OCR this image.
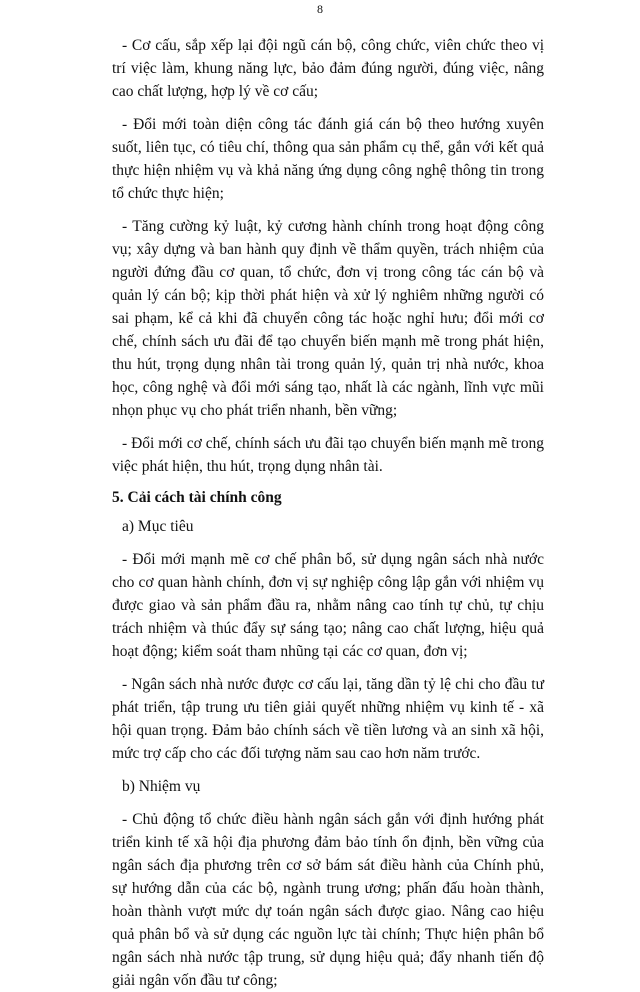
8

- Cơ cấu, sắp xếp lại đội ngũ cán bộ, công chức, viên chức theo vị trí việc làm, khung năng lực, bảo đảm đúng người, đúng việc, nâng cao chất lượng, hợp lý về cơ cấu;

- Đổi mới toàn diện công tác đánh giá cán bộ theo hướng xuyên suốt, liên tục, có tiêu chí, thông qua sản phẩm cụ thể, gắn với kết quả thực hiện nhiệm vụ và khả năng ứng dụng công nghệ thông tin trong tổ chức thực hiện;

- Tăng cường kỷ luật, kỷ cương hành chính trong hoạt động công vụ; xây dựng và ban hành quy định về thẩm quyền, trách nhiệm của người đứng đầu cơ quan, tổ chức, đơn vị trong công tác cán bộ và quản lý cán bộ; kịp thời phát hiện và xử lý nghiêm những người có sai phạm, kể cả khi đã chuyển công tác hoặc nghỉ hưu; đổi mới cơ chế, chính sách ưu đãi để tạo chuyển biến mạnh mẽ trong phát hiện, thu hút, trọng dụng nhân tài trong quản lý, quản trị nhà nước, khoa học, công nghệ và đổi mới sáng tạo, nhất là các ngành, lĩnh vực mũi nhọn phục vụ cho phát triển nhanh, bền vững;

- Đổi mới cơ chế, chính sách ưu đãi tạo chuyển biến mạnh mẽ trong việc phát hiện, thu hút, trọng dụng nhân tài.

5. Cải cách tài chính công

a) Mục tiêu

- Đổi mới mạnh mẽ cơ chế phân bổ, sử dụng ngân sách nhà nước cho cơ quan hành chính, đơn vị sự nghiệp công lập gắn với nhiệm vụ được giao và sản phẩm đầu ra, nhằm nâng cao tính tự chủ, tự chịu trách nhiệm và thúc đẩy sự sáng tạo; nâng cao chất lượng, hiệu quả hoạt động; kiểm soát tham nhũng tại các cơ quan, đơn vị;

- Ngân sách nhà nước được cơ cấu lại, tăng dần tỷ lệ chi cho đầu tư phát triển, tập trung ưu tiên giải quyết những nhiệm vụ kinh tế - xã hội quan trọng. Đảm bảo chính sách về tiền lương và an sinh xã hội, mức trợ cấp cho các đối tượng năm sau cao hơn năm trước.

b) Nhiệm vụ

- Chủ động tổ chức điều hành ngân sách gắn với định hướng phát triển kinh tế xã hội địa phương đảm bảo tính ổn định, bền vững của ngân sách địa phương trên cơ sở bám sát điều hành của Chính phủ, sự hướng dẫn của các bộ, ngành trung ương; phấn đấu hoàn thành, hoàn thành vượt mức dự toán ngân sách được giao. Nâng cao hiệu quả phân bổ và sử dụng các nguồn lực tài chính; Thực hiện phân bổ ngân sách nhà nước tập trung, sử dụng hiệu quả; đẩy nhanh tiến độ giải ngân vốn đầu tư công;
